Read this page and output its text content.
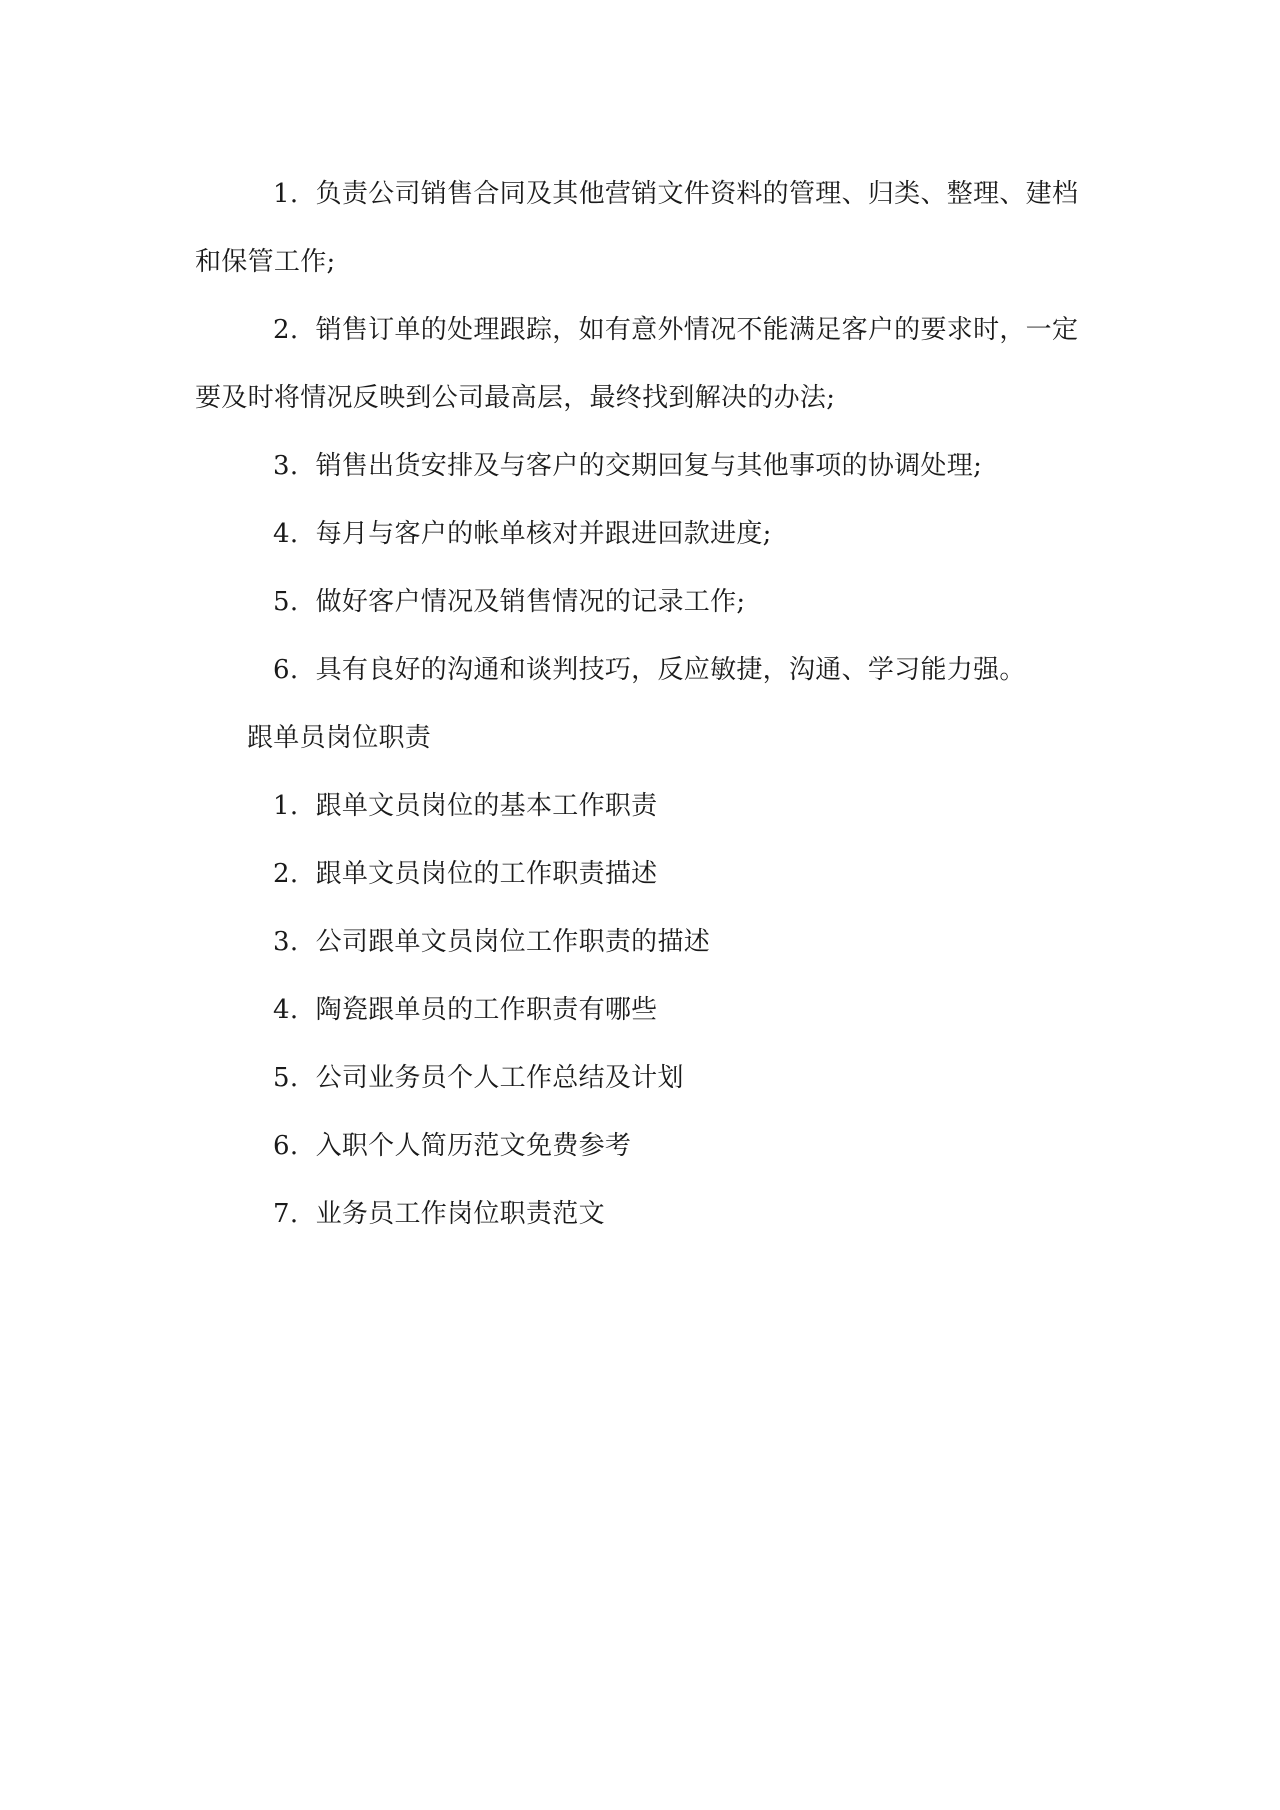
1. 负责公司销售合同及其他营销文件资料的管理、归类、整理、建档和保管工作;

2. 销售订单的处理跟踪，如有意外情况不能满足客户的要求时，一定要及时将情况反映到公司最高层，最终找到解决的办法;

3. 销售出货安排及与客户的交期回复与其他事项的协调处理;

4. 每月与客户的帐单核对并跟进回款进度;

5. 做好客户情况及销售情况的记录工作;

6. 具有良好的沟通和谈判技巧，反应敏捷，沟通、学习能力强。

跟单员岗位职责

1. 跟单文员岗位的基本工作职责

2. 跟单文员岗位的工作职责描述

3. 公司跟单文员岗位工作职责的描述

4. 陶瓷跟单员的工作职责有哪些

5. 公司业务员个人工作总结及计划

6. 入职个人简历范文免费参考

7. 业务员工作岗位职责范文
